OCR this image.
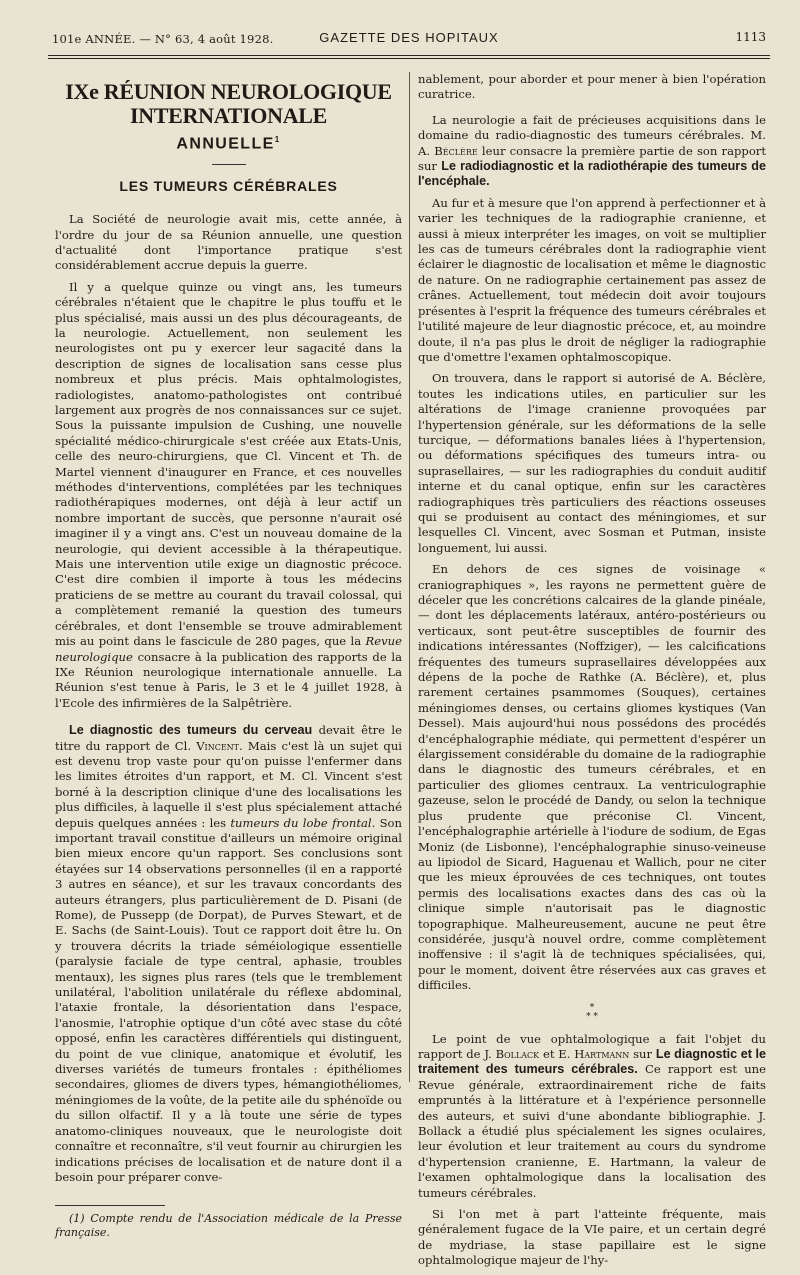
101e ANNÉE. — N° 63, 4 août 1928.	GAZETTE DES HOPITAUX	1113
IXe RÉUNION NEUROLOGIQUE INTERNATIONALE
ANNUELLE$^1$
LES TUMEURS CÉRÉBRALES

La Société de neurologie avait mis, cette année, à l'ordre du jour de sa Réunion annuelle, une question d'actualité dont l'importance pratique s'est considérablement accrue depuis la guerre.

Il y a quelque quinze ou vingt ans, les tumeurs cérébrales n'étaient que le chapitre le plus touffu et le plus spécialisé, mais aussi un des plus décourageants, de la neurologie. Actuellement, non seulement les neurologistes ont pu y exercer leur sagacité dans la description de signes de localisation sans cesse plus nombreux et plus précis. Mais ophtalmologistes, radiologistes, anatomo-pathologistes ont contribué largement aux progrès de nos connaissances sur ce sujet. Sous la puissante impulsion de Cushing, une nouvelle spécialité médico-chirurgicale s'est créée aux Etats-Unis, celle des neuro-chirurgiens, que Cl. Vincent et Th. de Martel viennent d'inaugurer en France, et ces nouvelles méthodes d'interventions, complétées par les techniques radiothérapiques modernes, ont déjà à leur actif un nombre important de succès, que personne n'aurait osé imaginer il y a vingt ans. C'est un nouveau domaine de la neurologie, qui devient accessible à la thérapeutique. Mais une intervention utile exige un diagnostic précoce. C'est dire combien il importe à tous les médecins praticiens de se mettre au courant du travail colossal, qui a complètement remanié la question des tumeurs cérébrales, et dont l'ensemble se trouve admirablement mis au point dans le fascicule de 280 pages, que la Revue neurologique consacre à la publication des rapports de la IXe Réunion neurologique internationale annuelle. La Réunion s'est tenue à Paris, le 3 et le 4 juillet 1928, à l'Ecole des infirmières de la Salpêtrière.

Le diagnostic des tumeurs du cerveau devait être le titre du rapport de Cl. Vincent. Mais c'est là un sujet qui est devenu trop vaste pour qu'on puisse l'enfermer dans les limites étroites d'un rapport, et M. Cl. Vincent s'est borné à la description clinique d'une des localisations les plus difficiles, à laquelle il s'est plus spécialement attaché depuis quelques années : les tumeurs du lobe frontal. Son important travail constitue d'ailleurs un mémoire original bien mieux encore qu'un rapport. Ses conclusions sont étayées sur 14 observations personnelles (il en a rapporté 3 autres en séance), et sur les travaux concordants des auteurs étrangers, plus particulièrement de D. Pisani (de Rome), de Pussepp (de Dorpat), de Purves Stewart, et de E. Sachs (de Saint-Louis). Tout ce rapport doit être lu. On y trouvera décrits la triade séméiologique essentielle (paralysie faciale de type central, aphasie, troubles mentaux), les signes plus rares (tels que le tremblement unilatéral, l'abolition unilatérale du réflexe abdominal, l'ataxie frontale, la désorientation dans l'espace, l'anosmie, l'atrophie optique d'un côté avec stase du côté opposé, enfin les caractères différentiels qui distinguent, du point de vue clinique, anatomique et évolutif, les diverses variétés de tumeurs frontales : épithéliomes secondaires, gliomes de divers types, hémangiothéliomes, méningiomes de la voûte, de la petite aile du sphénoïde ou du sillon olfactif. Il y a là toute une série de types anatomo-cliniques nouveaux, que le neurologiste doit connaître et reconnaître, s'il veut fournir au chirurgien les indications précises de localisation et de nature dont il a besoin pour préparer conve-

(1) Compte rendu de l'Association médicale de la Presse française.

nablement, pour aborder et pour mener à bien l'opération curatrice.

La neurologie a fait de précieuses acquisitions dans le domaine du radio-diagnostic des tumeurs cérébrales. M. A. Béclère leur consacre la première partie de son rapport sur Le radiodiagnostic et la radiothérapie des tumeurs de l'encéphale.

Au fur et à mesure que l'on apprend à perfectionner et à varier les techniques de la radiographie cranienne, et aussi à mieux interpréter les images, on voit se multiplier les cas de tumeurs cérébrales dont la radiographie vient éclairer le diagnostic de localisation et même le diagnostic de nature. On ne radiographie certainement pas assez de crânes. Actuellement, tout médecin doit avoir toujours présentes à l'esprit la fréquence des tumeurs cérébrales et l'utilité majeure de leur diagnostic précoce, et, au moindre doute, il n'a pas plus le droit de négliger la radiographie que d'omettre l'examen ophtalmoscopique.

On trouvera, dans le rapport si autorisé de A. Béclère, toutes les indications utiles, en particulier sur les altérations de l'image cranienne provoquées par l'hypertension générale, sur les déformations de la selle turcique, — déformations banales liées à l'hypertension, ou déformations spécifiques des tumeurs intra- ou suprasellaires, — sur les radiographies du conduit auditif interne et du canal optique, enfin sur les caractères radiographiques très particuliers des réactions osseuses qui se produisent au contact des méningiomes, et sur lesquelles Cl. Vincent, avec Sosman et Putman, insiste longuement, lui aussi.

En dehors de ces signes de voisinage « craniographiques », les rayons ne permettent guère de déceler que les concrétions calcaires de la glande pinéale, — dont les déplacements latéraux, antéro-postérieurs ou verticaux, sont peut-être susceptibles de fournir des indications intéressantes (Noffziger), — les calcifications fréquentes des tumeurs suprasellaires développées aux dépens de la poche de Rathke (A. Béclère), et, plus rarement certaines psammomes (Souques), certaines méningiomes denses, ou certains gliomes kystiques (Van Dessel). Mais aujourd'hui nous possédons des procédés d'encéphalographie médiate, qui permettent d'espérer un élargissement considérable du domaine de la radiographie dans le diagnostic des tumeurs cérébrales, et en particulier des gliomes centraux. La ventriculographie gazeuse, selon le procédé de Dandy, ou selon la technique plus prudente que préconise Cl. Vincent, l'encéphalographie artérielle à l'iodure de sodium, de Egas Moniz (de Lisbonne), l'encéphalographie sinuso-veineuse au lipiodol de Sicard, Haguenau et Wallich, pour ne citer que les mieux éprouvées de ces techniques, ont toutes permis des localisations exactes dans des cas où la clinique simple n'autorisait pas le diagnostic topographique. Malheureusement, aucune ne peut être considérée, jusqu'à nouvel ordre, comme complètement inoffensive : il s'agit là de techniques spécialisées, qui, pour le moment, doivent être réservées aux cas graves et difficiles.

*
* *

Le point de vue ophtalmologique a fait l'objet du rapport de J. Bollack et E. Hartmann sur Le diagnostic et le traitement des tumeurs cérébrales. Ce rapport est une Revue générale, extraordinairement riche de faits empruntés à la littérature et à l'expérience personnelle des auteurs, et suivi d'une abondante bibliographie. J. Bollack a étudié plus spécialement les signes oculaires, leur évolution et leur traitement au cours du syndrome d'hypertension cranienne, E. Hartmann, la valeur de l'examen ophtalmologique dans la localisation des tumeurs cérébrales.

Si l'on met à part l'atteinte fréquente, mais généralement fugace de la VIe paire, et un certain degré de mydriase, la stase papillaire est le signe ophtalmologique majeur de l'hy-
